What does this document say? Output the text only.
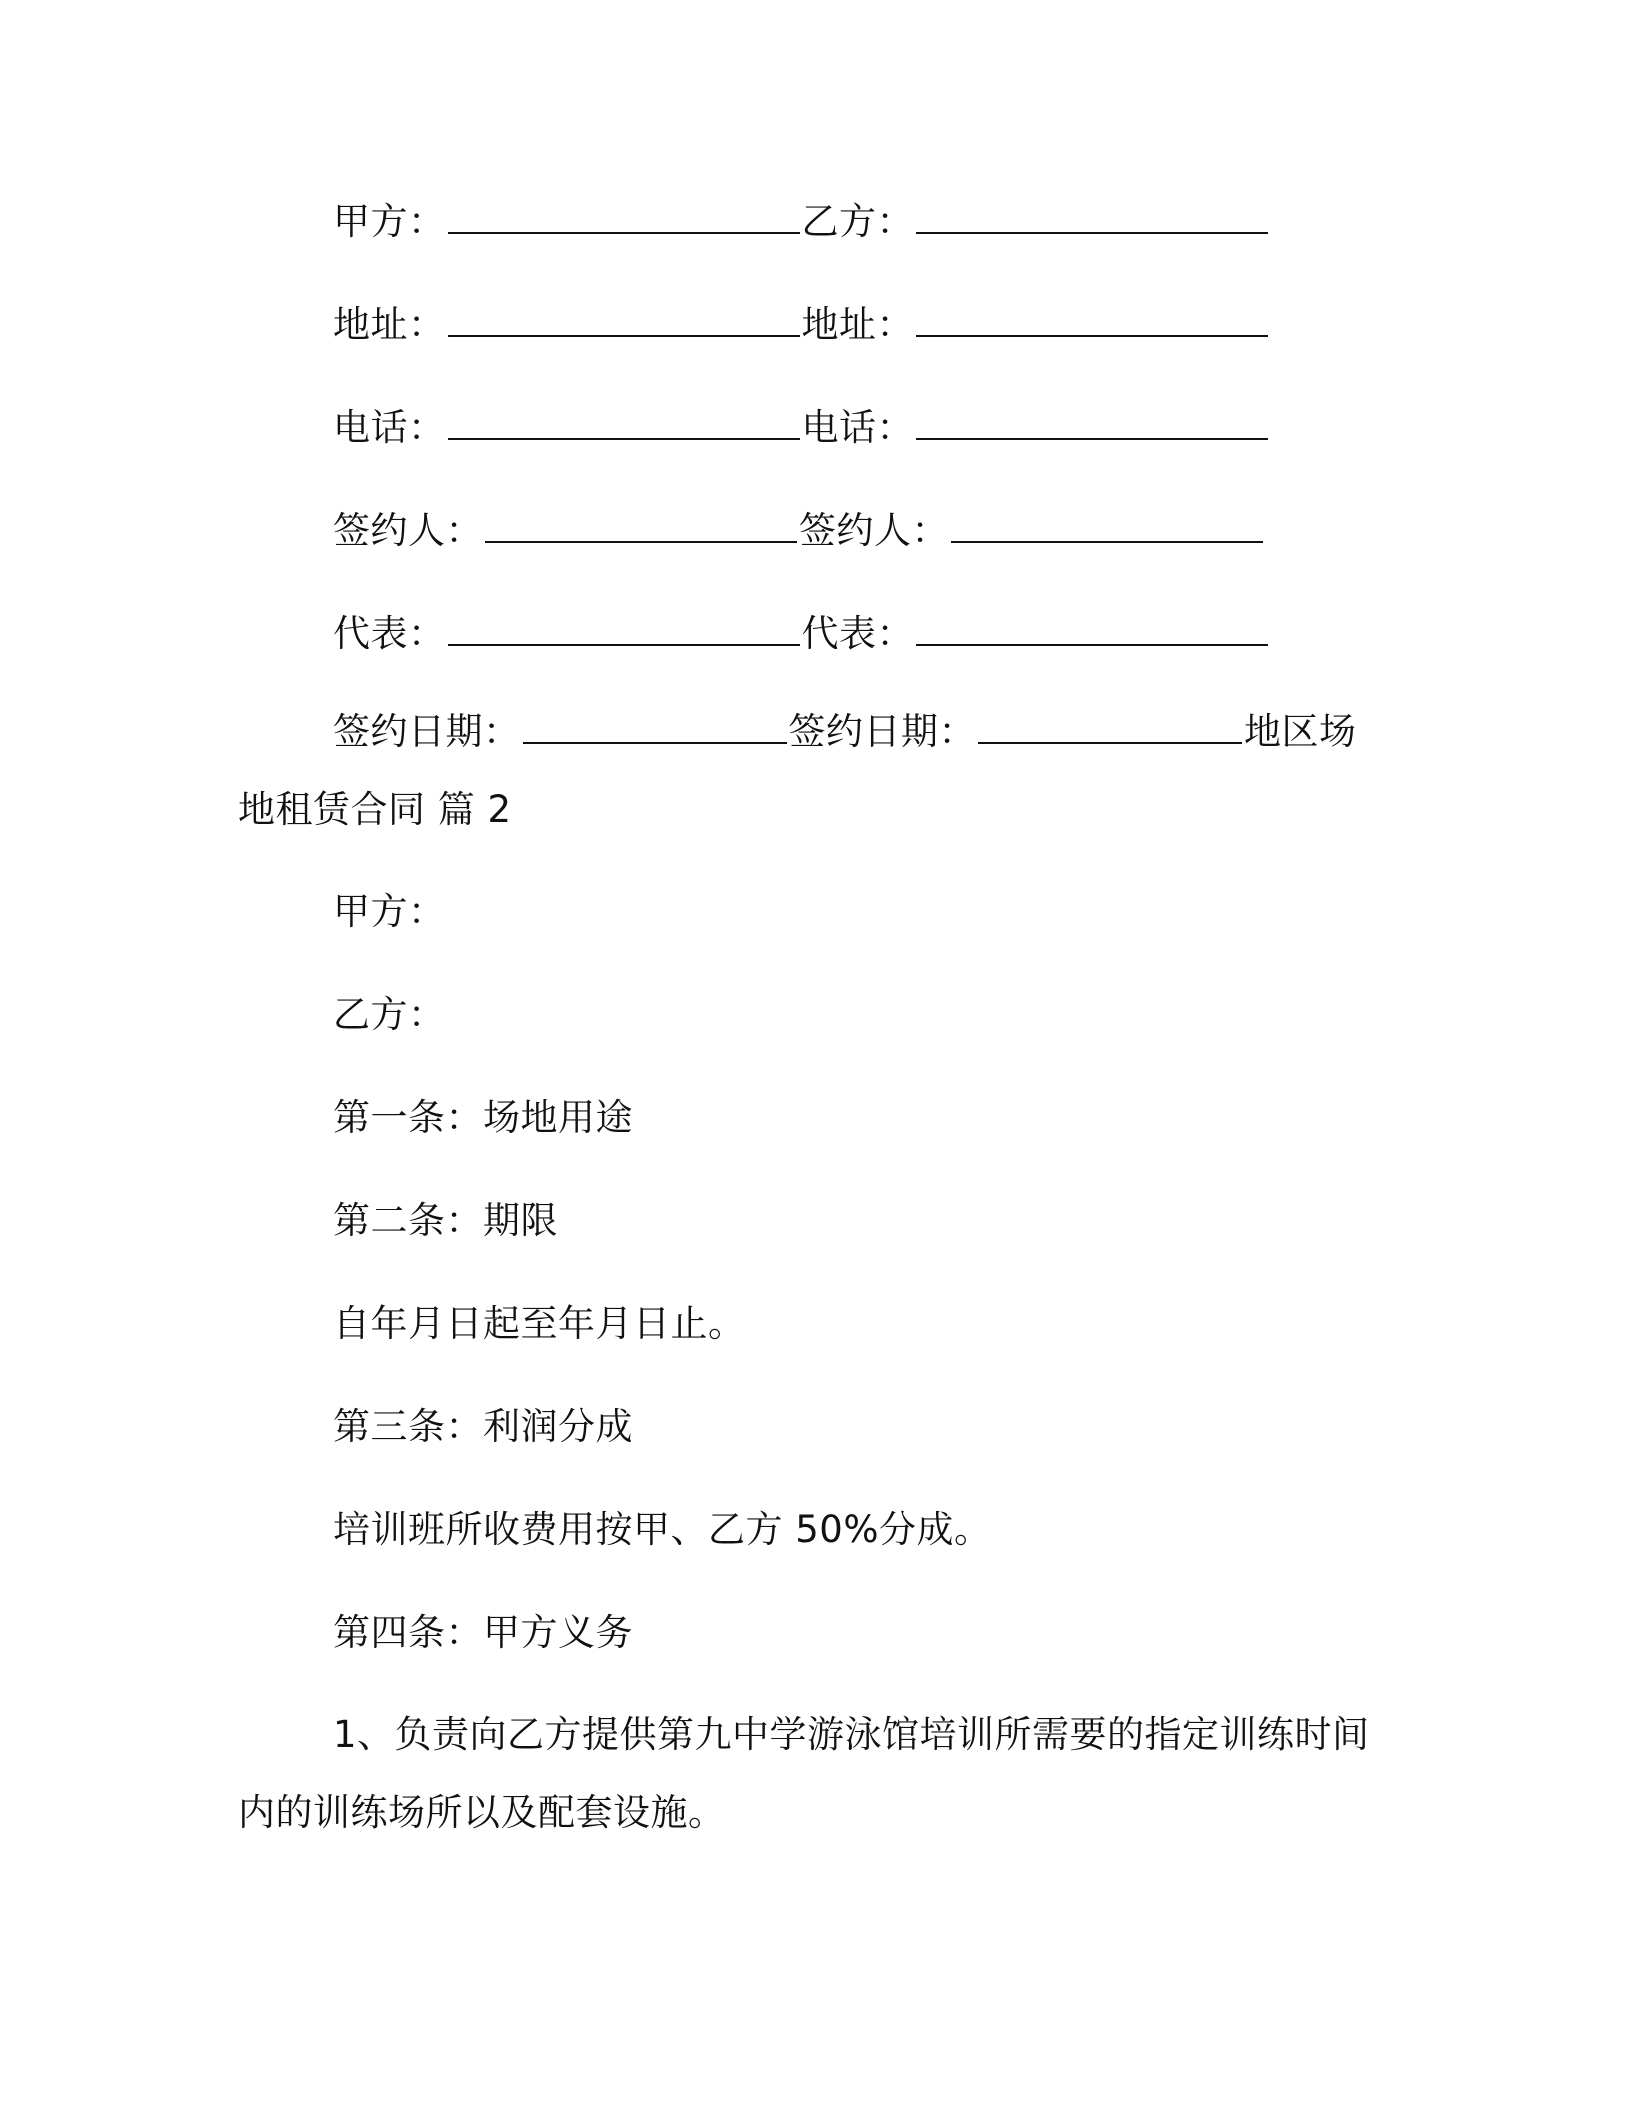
甲方：	乙方：
地址：	地址：
电话：	电话：
签约人：	签约人：
代表：	代表：
签约日期：	签约日期：	地区场
地租赁合同 篇 2
甲方：
乙方：
第一条：场地用途
第二条：期限
自年月日起至年月日止。
第三条：利润分成
培训班所收费用按甲、乙方 50%分成。
第四条：甲方义务
1、负责向乙方提供第九中学游泳馆培训所需要的指定训练时间
内的训练场所以及配套设施。
